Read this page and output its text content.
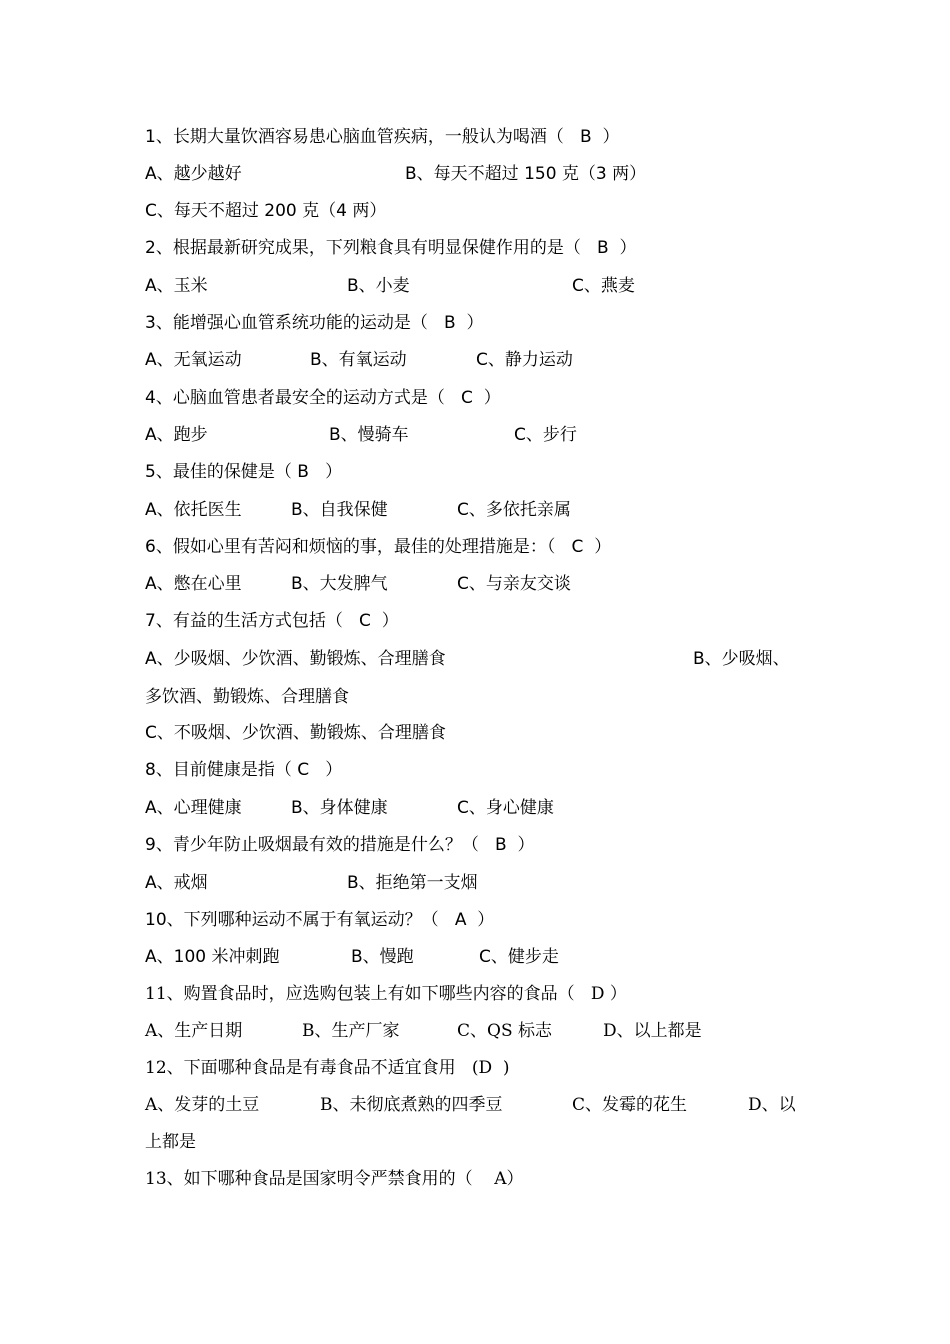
1、长期大量饮酒容易患心脑血管疾病，一般认为喝酒（   B  ）
A、越少越好	B、每天不超过 150 克（3 两）
C、每天不超过 200 克（4 两）
2、根据最新研究成果，下列粮食具有明显保健作用的是（   B  ）
A、玉米	B、小麦	C、燕麦
3、能增强心血管系统功能的运动是（   B  ）
A、无氧运动	B、有氧运动	C、静力运动
4、心脑血管患者最安全的运动方式是（   C  ）
A、跑步	B、慢骑车	C、步行
5、最佳的保健是（ B   ）
A、依托医生	B、自我保健	C、多依托亲属
6、假如心里有苦闷和烦恼的事，最佳的处理措施是：（   C  ）
A、憋在心里	B、大发脾气	C、与亲友交谈
7、有益的生活方式包括（   C  ）
A、少吸烟、少饮酒、勤锻炼、合理膳食	B、少吸烟、
多饮酒、勤锻炼、合理膳食
C、不吸烟、少饮酒、勤锻炼、合理膳食
8、目前健康是指（ C   ）
A、心理健康	B、身体健康	C、身心健康
9、青少年防止吸烟最有效的措施是什么？（   B  ）
A、戒烟	B、拒绝第一支烟
10、下列哪种运动不属于有氧运动？（   A  ）
A、100 米冲刺跑	B、慢跑	C、健步走
11、购置食品时，应选购包装上有如下哪些内容的食品（   D ）
A、生产日期	B、生产厂家	C、QS 标志	D、以上都是
12、下面哪种食品是有毒食品不适宜食用   (D  )
A、发芽的土豆	B、未彻底煮熟的四季豆	C、发霉的花生	D、以
上都是
13、如下哪种食品是国家明令严禁食用的（    A）
